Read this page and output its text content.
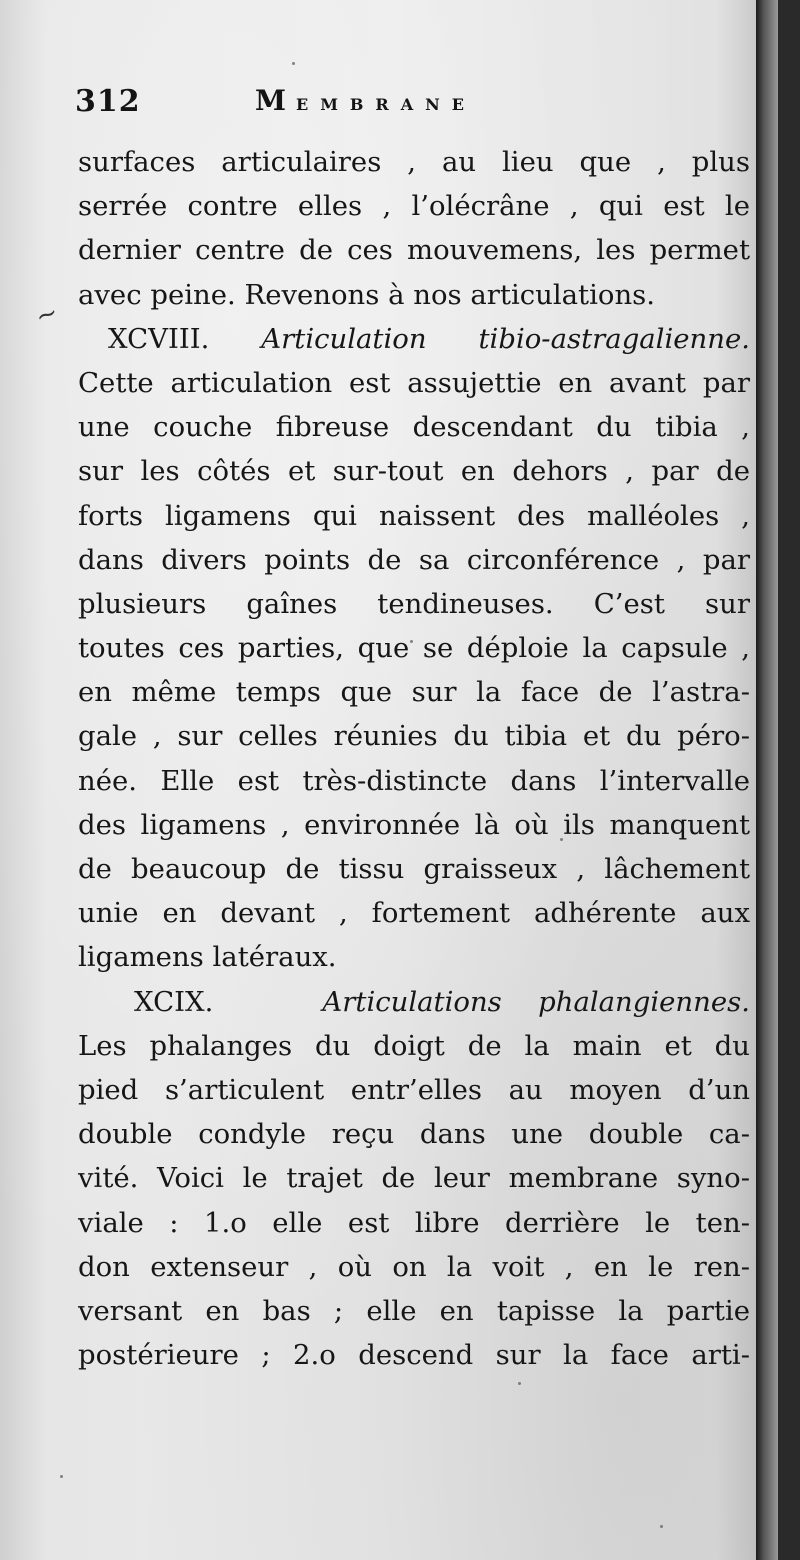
~
312	MEMBRANE
surfaces articulaires , au lieu que , plus
serrée contre elles , l’olécrâne , qui est le
dernier centre de ces mouvemens, les permet
avec peine. Revenons à nos articulations.
XCVIII. Articulation tibio-astragalienne.
Cette articulation est assujettie en avant par
une couche fibreuse descendant du tibia ,
sur les côtés et sur-tout en dehors , par de
forts ligamens qui naissent des malléoles ,
dans divers points de sa circonférence , par
plusieurs gaînes tendineuses. C’est sur
toutes ces parties, que se déploie la capsule ,
en même temps que sur la face de l’astra-
gale , sur celles réunies du tibia et du péro-
née. Elle est très-distincte dans l’intervalle
des ligamens , environnée là où ils manquent
de beaucoup de tissu graisseux , lâchement
unie en devant , fortement adhérente aux
ligamens latéraux.
XCIX.	Articulations phalangiennes.
Les phalanges du doigt de la main et du
pied s’articulent entr’elles au moyen d’un
double condyle reçu dans une double ca-
vité. Voici le trajet de leur membrane syno-
viale : 1.o elle est libre derrière le ten-
don extenseur , où on la voit , en le ren-
versant en bas ; elle en tapisse la partie
postérieure ; 2.o descend sur la face arti-
